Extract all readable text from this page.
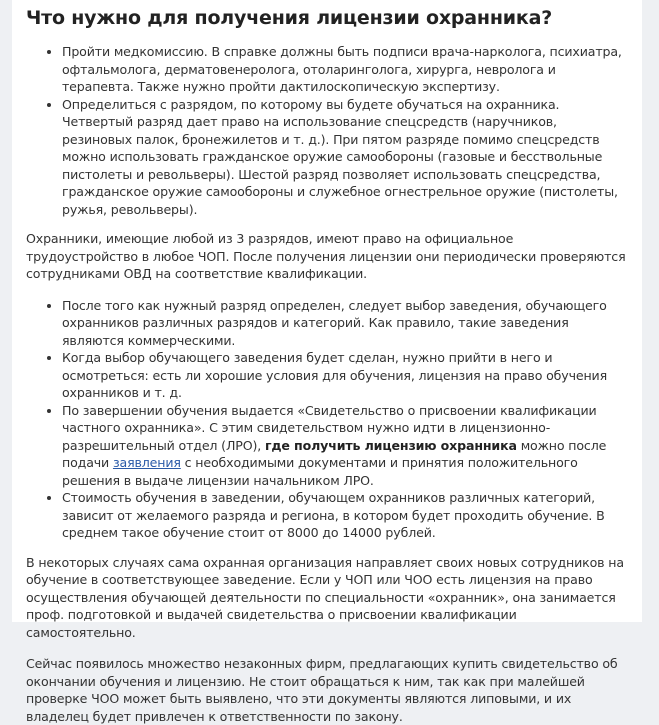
Что нужно для получения лицензии охранника?
• Пройти медкомиссию. В справке должны быть подписи врача-нарколога, психиатра, офтальмолога, дерматовенеролога, отоларинголога, хирурга, невролога и терапевта. Также нужно пройти дактилоскопическую экспертизу.
• Определиться с разрядом, по которому вы будете обучаться на охранника. Четвертый разряд дает право на использование спецсредств (наручников, резиновых палок, бронежилетов и т. д.). При пятом разряде помимо спецсредств можно использовать гражданское оружие самообороны (газовые и бесствольные пистолеты и револьверы). Шестой разряд позволяет использовать спецсредства, гражданское оружие самообороны и служебное огнестрельное оружие (пистолеты, ружья, револьверы).

Охранники, имеющие любой из 3 разрядов, имеют право на официальное трудоустройство в любое ЧОП. После получения лицензии они периодически проверяются сотрудниками ОВД на соответствие квалификации.

• После того как нужный разряд определен, следует выбор заведения, обучающего охранников различных разрядов и категорий. Как правило, такие заведения являются коммерческими.
• Когда выбор обучающего заведения будет сделан, нужно прийти в него и осмотреться: есть ли хорошие условия для обучения, лицензия на право обучения охранников и т. д.
• По завершении обучения выдается «Свидетельство о присвоении квалификации частного охранника». С этим свидетельством нужно идти в лицензионно-разрешительный отдел (ЛРО), где получить лицензию охранника можно после подачи заявления с необходимыми документами и принятия положительного решения в выдаче лицензии начальником ЛРО.
• Стоимость обучения в заведении, обучающем охранников различных категорий, зависит от желаемого разряда и региона, в котором будет проходить обучение. В среднем такое обучение стоит от 8000 до 14000 рублей.

В некоторых случаях сама охранная организация направляет своих новых сотрудников на обучение в соответствующее заведение. Если у ЧОП или ЧОО есть лицензия на право осуществления обучающей деятельности по специальности «охранник», она занимается проф. подготовкой и выдачей свидетельства о присвоении квалификации самостоятельно.

Сейчас появилось множество незаконных фирм, предлагающих купить свидетельство об окончании обучения и лицензию. Не стоит обращаться к ним, так как при малейшей проверке ЧОО может быть выявлено, что эти документы являются липовыми, и их владелец будет привлечен к ответственности по закону.
